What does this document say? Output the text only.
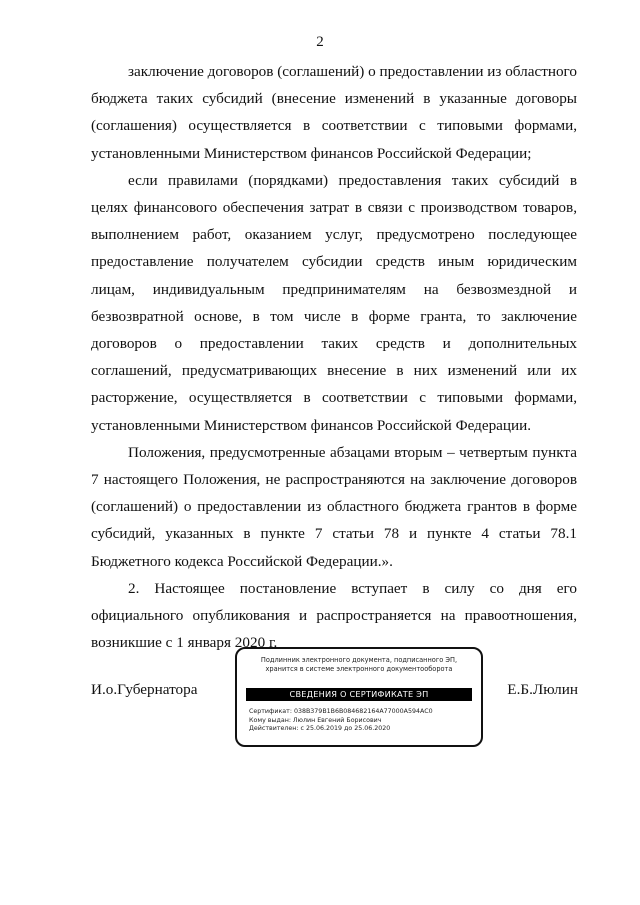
2

заключение договоров (соглашений) о предоставлении из областного бюджета таких субсидий (внесение изменений в указанные договоры (соглашения) осуществляется в соответствии с типовыми формами, установленными Министерством финансов Российской Федерации;

если правилами (порядками) предоставления таких субсидий в целях финансового обеспечения затрат в связи с производством товаров, выполнением работ, оказанием услуг, предусмотрено последующее предоставление получателем субсидии средств иным юридическим лицам, индивидуальным предпринимателям на безвозмездной и безвозвратной основе, в том числе в форме гранта, то заключение договоров о предоставлении таких средств и дополнительных соглашений, предусматривающих внесение в них изменений или их расторжение, осуществляется в соответствии с типовыми формами, установленными Министерством финансов Российской Федерации.

Положения, предусмотренные абзацами вторым – четвертым пункта 7 настоящего Положения, не распространяются на заключение договоров (соглашений) о предоставлении из областного бюджета грантов в форме субсидий, указанных в пункте 7 статьи 78 и пункте 4 статьи 78.1 Бюджетного кодекса Российской Федерации.».

2. Настоящее постановление вступает в силу со дня его официального опубликования и распространяется на правоотношения, возникшие с 1 января 2020 г.

И.о.Губернатора	Е.Б.Люлин
Подлинник электронного документа, подписанного ЭП,
хранится в системе электронного документооборота
СВЕДЕНИЯ О СЕРТИФИКАТЕ ЭП
Сертификат: 038B379B1B6B084682164A77000A594AC0
Кому выдан: Люлин Евгений Борисович
Действителен: с 25.06.2019 до 25.06.2020
